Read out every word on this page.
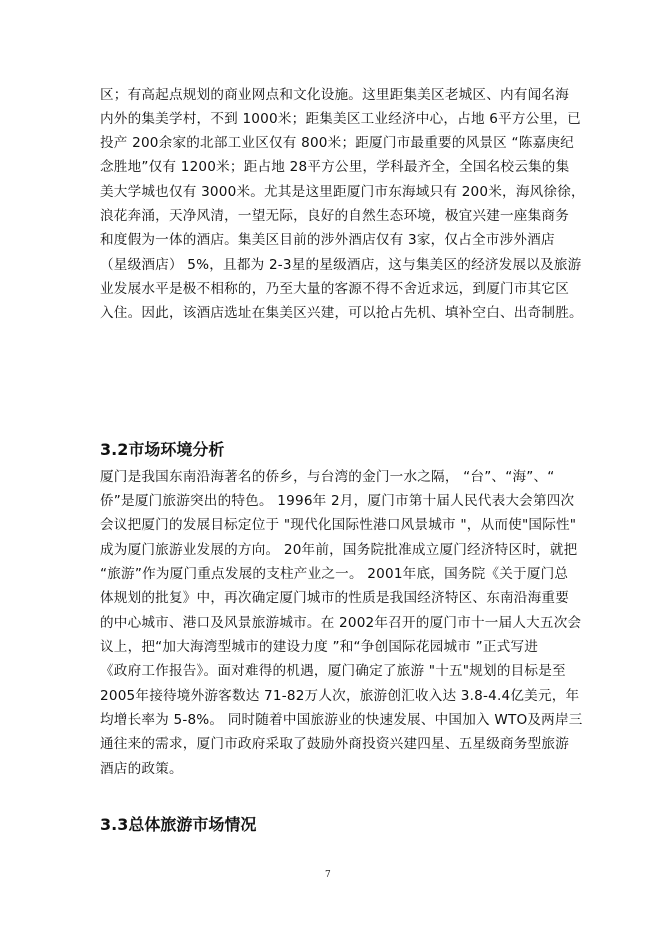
区；有高起点规划的商业网点和文化设施。这里距集美区老城区、内有闻名海
内外的集美学村，不到 1000米；距集美区工业经济中心，占地 6平方公里，已
投产 200余家的北部工业区仅有 800米；距厦门市最重要的风景区 “陈嘉庚纪
念胜地”仅有 1200米；距占地 28平方公里，学科最齐全，全国名校云集的集
美大学城也仅有 3000米。尤其是这里距厦门市东海域只有 200米，海风徐徐，
浪花奔涌，天净风清，一望无际，良好的自然生态环境，极宜兴建一座集商务
和度假为一体的酒店。集美区目前的涉外酒店仅有 3家，仅占全市涉外酒店
（星级酒店） 5%，且都为 2-3星的星级酒店，这与集美区的经济发展以及旅游
业发展水平是极不相称的，乃至大量的客源不得不舍近求远，到厦门市其它区
入住。因此，该酒店选址在集美区兴建，可以抢占先机、填补空白、出奇制胜。
3.2市场环境分析
厦门是我国东南沿海著名的侨乡，与台湾的金门一水之隔， “台”、“海”、“
侨”是厦门旅游突出的特色。 1996年 2月，厦门市第十届人民代表大会第四次
会议把厦门的发展目标定位于 "现代化国际性港口风景城市 "，从而使"国际性"
成为厦门旅游业发展的方向。 20年前，国务院批准成立厦门经济特区时，就把
“旅游”作为厦门重点发展的支柱产业之一。 2001年底，国务院《关于厦门总
体规划的批复》中，再次确定厦门城市的性质是我国经济特区、东南沿海重要
的中心城市、港口及风景旅游城市。在 2002年召开的厦门市十一届人大五次会
议上，把“加大海湾型城市的建设力度 ”和“争创国际花园城市 ”正式写进
《政府工作报告》。面对难得的机遇，厦门确定了旅游 "十五"规划的目标是至
2005年接待境外游客数达 71-82万人次，旅游创汇收入达 3.8-4.4亿美元，年
均增长率为 5-8%。 同时随着中国旅游业的快速发展、中国加入 WTO及两岸三
通往来的需求，厦门市政府采取了鼓励外商投资兴建四星、五星级商务型旅游
酒店的政策。
3.3总体旅游市场情况
7
